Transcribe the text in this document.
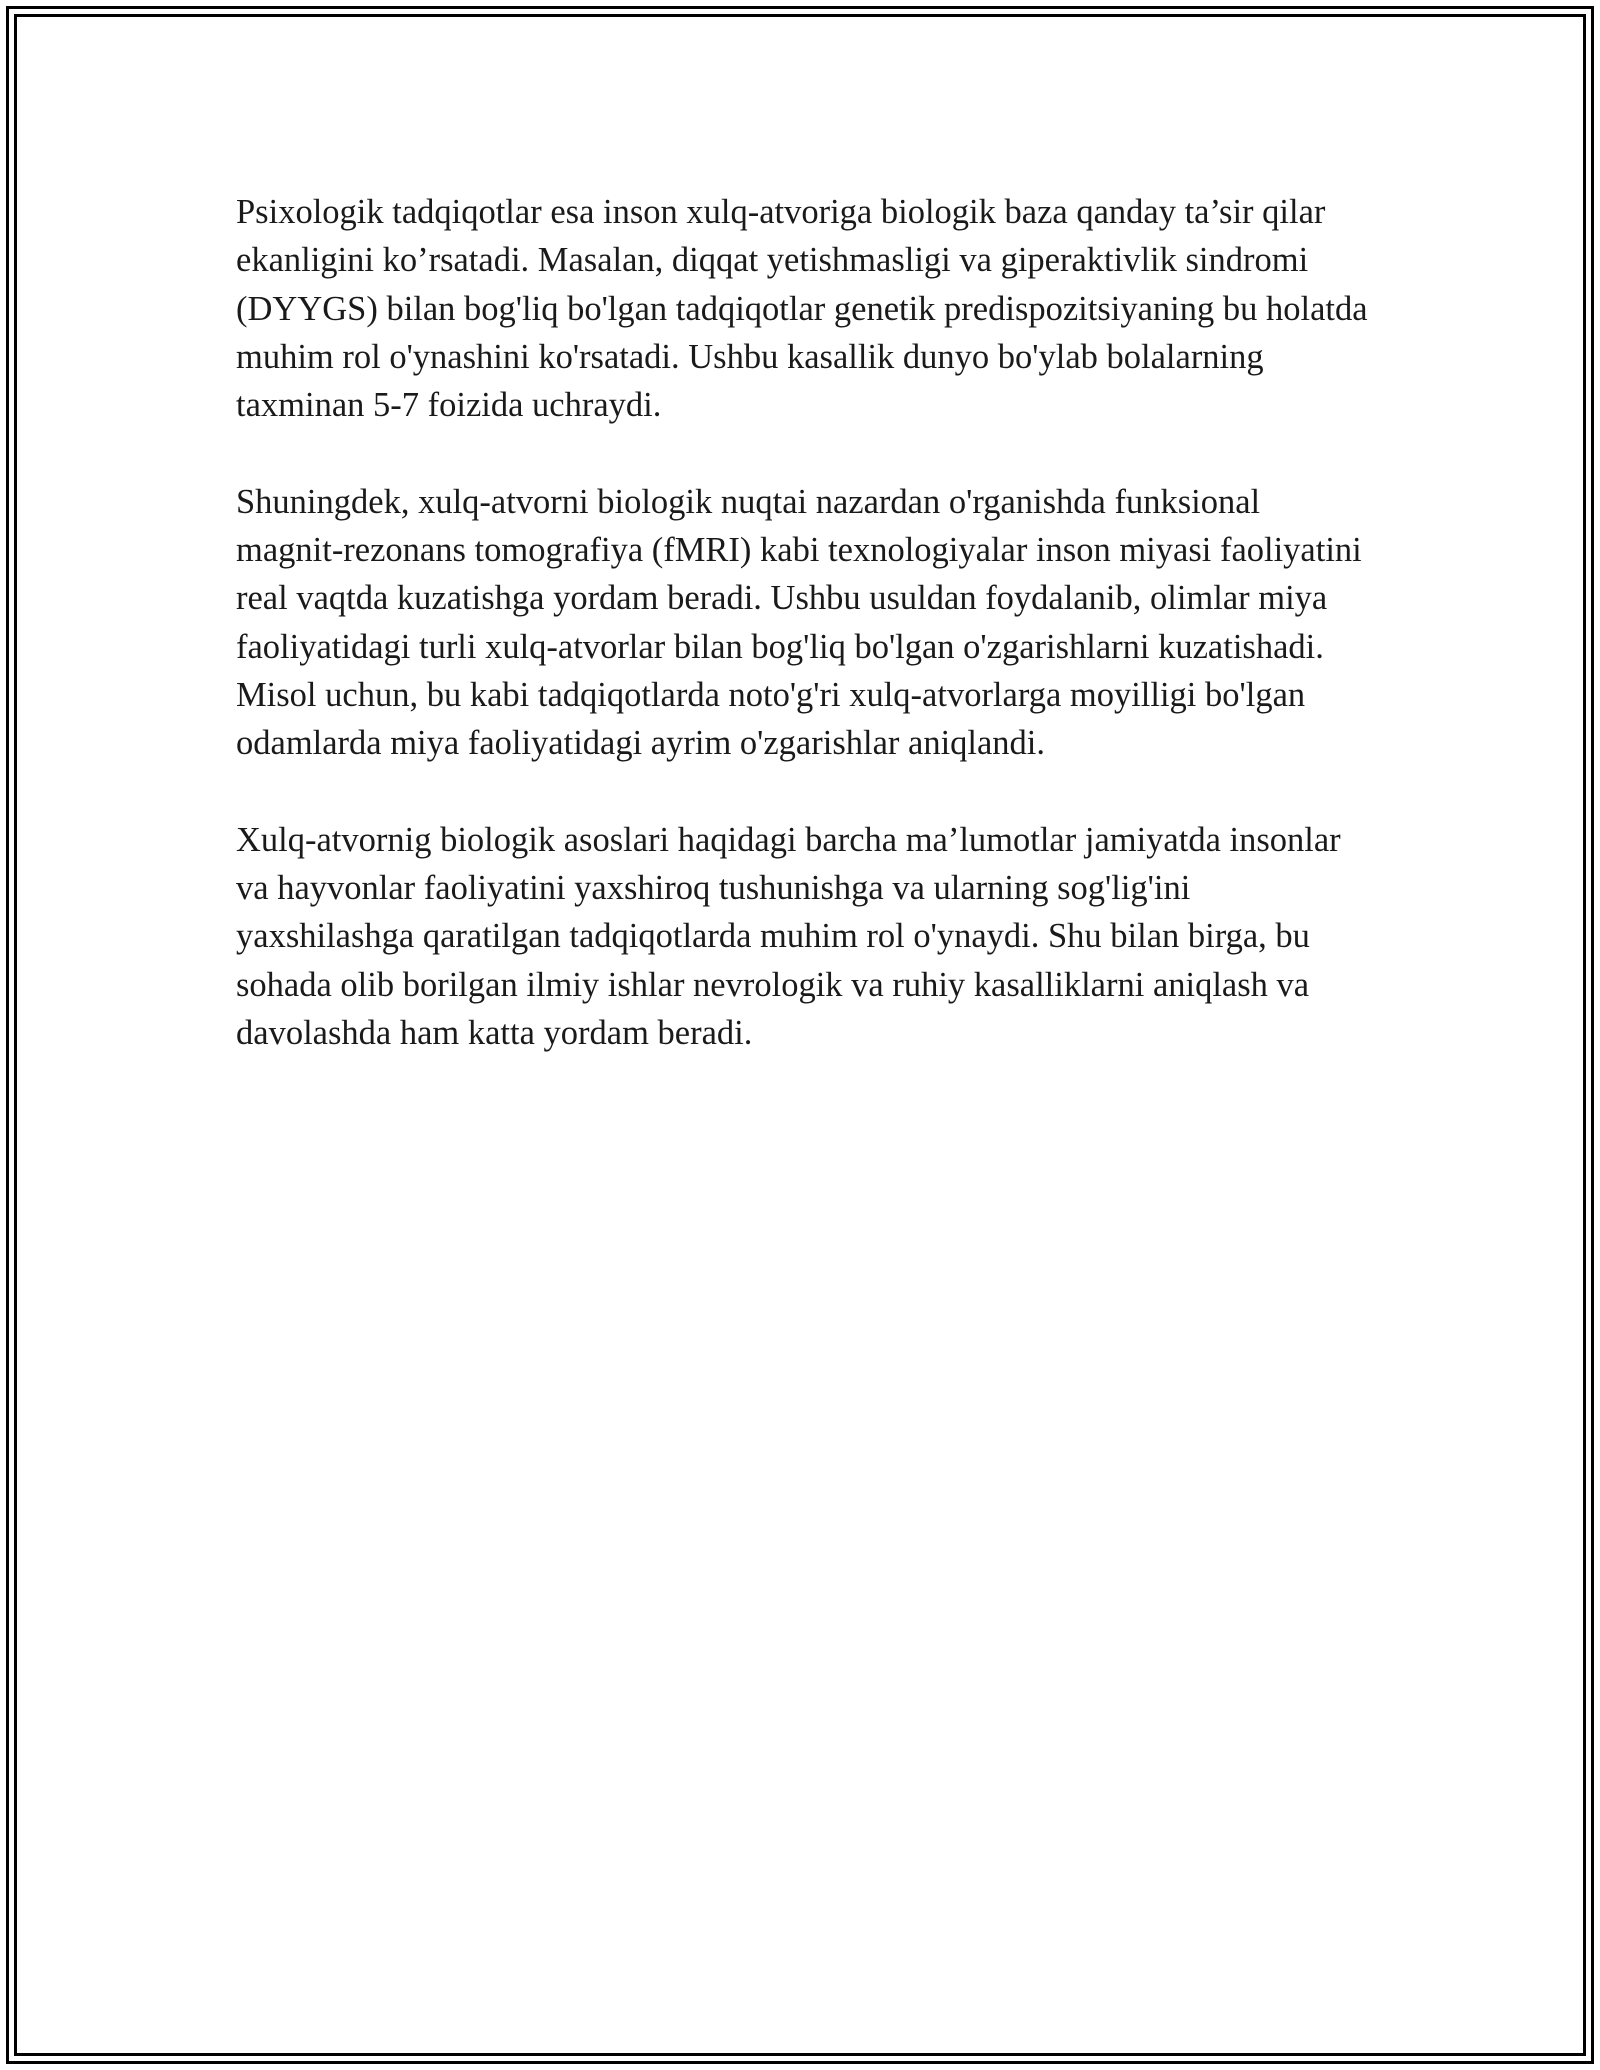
Psixologik tadqiqotlar esa inson xulq-atvoriga biologik baza qanday ta’sir qilar ekanligini ko’rsatadi. Masalan, diqqat yetishmasligi va giperaktivlik sindromi (DYYGS) bilan bog'liq bo'lgan tadqiqotlar genetik predispozitsiyaning bu holatda muhim rol o'ynashini ko'rsatadi. Ushbu kasallik dunyo bo'ylab bolalarning taxminan 5-7 foizida uchraydi.

Shuningdek, xulq-atvorni biologik nuqtai nazardan o'rganishda funksional magnit-rezonans tomografiya (fMRI) kabi texnologiyalar inson miyasi faoliyatini real vaqtda kuzatishga yordam beradi. Ushbu usuldan foydalanib, olimlar miya faoliyatidagi turli xulq-atvorlar bilan bog'liq bo'lgan o'zgarishlarni kuzatishadi. Misol uchun, bu kabi tadqiqotlarda noto'g'ri xulq-atvorlarga moyilligi bo'lgan odamlarda miya faoliyatidagi ayrim o'zgarishlar aniqlandi.

Xulq-atvornig biologik asoslari haqidagi barcha ma’lumotlar jamiyatda insonlar va hayvonlar faoliyatini yaxshiroq tushunishga va ularning sog'lig'ini yaxshilashga qaratilgan tadqiqotlarda muhim rol o'ynaydi. Shu bilan birga, bu sohada olib borilgan ilmiy ishlar nevrologik va ruhiy kasalliklarni aniqlash va davolashda ham katta yordam beradi.
